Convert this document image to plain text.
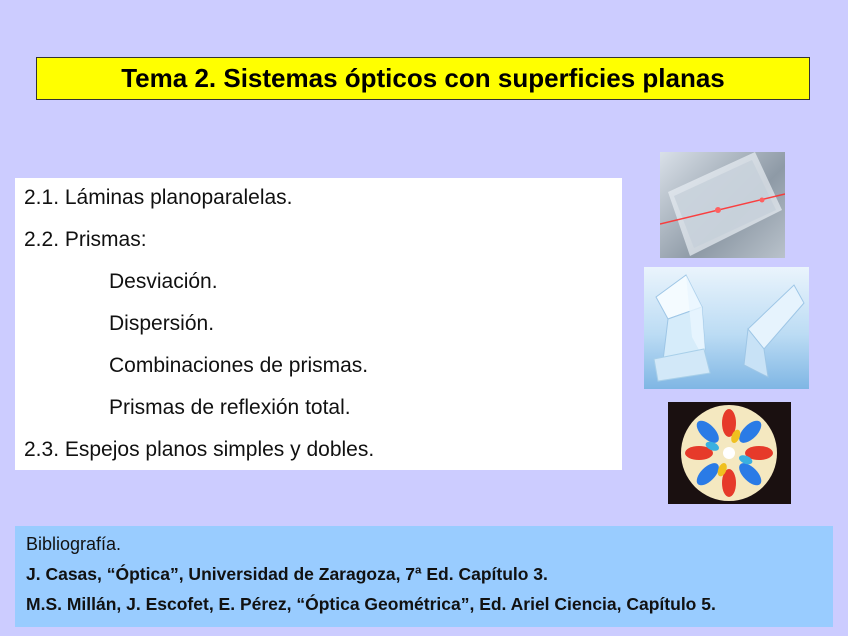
Tema 2. Sistemas ópticos con superficies planas
2.1. Láminas planoparalelas.
2.2. Prismas:
Desviación.
Dispersión.
Combinaciones de prismas.
Prismas de reflexión total.
2.3. Espejos planos simples y dobles.
Bibliografía.
J. Casas, “Óptica”, Universidad de Zaragoza, 7ª Ed. Capítulo 3.
M.S. Millán, J. Escofet, E. Pérez, “Óptica Geométrica”, Ed. Ariel Ciencia, Capítulo 5.
